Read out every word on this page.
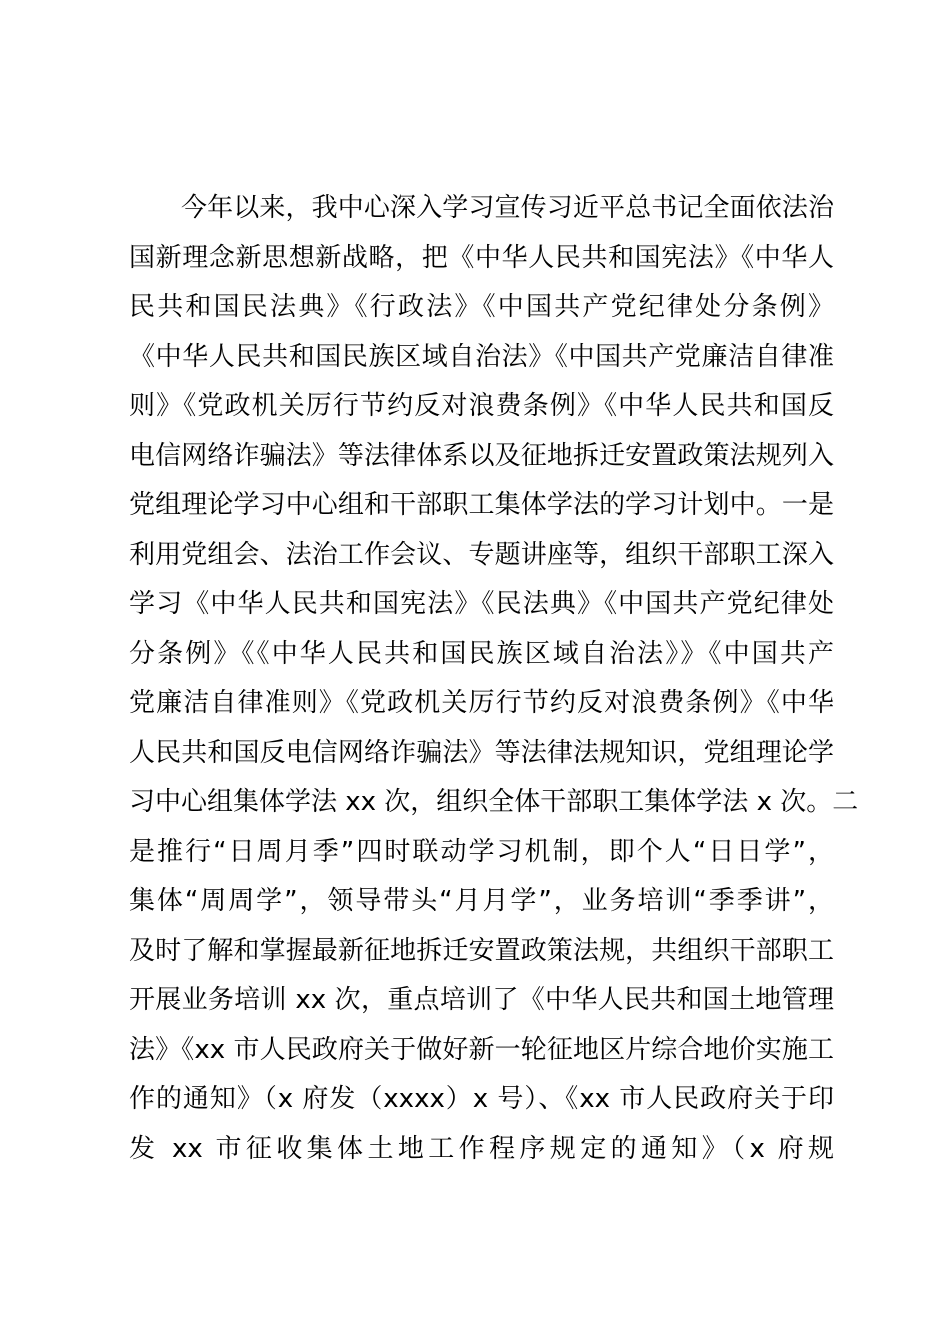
今年以来，我中心深入学习宣传习近平总书记全面依法治
国新理念新思想新战略，把《中华人民共和国宪法》《中华人
民共和国民法典》《行政法》《中国共产党纪律处分条例》
《中华人民共和国民族区域自治法》《中国共产党廉洁自律准
则》《党政机关厉行节约反对浪费条例》《中华人民共和国反
电信网络诈骗法》等法律体系以及征地拆迁安置政策法规列入
党组理论学习中心组和干部职工集体学法的学习计划中。一是
利用党组会、法治工作会议、专题讲座等，组织干部职工深入
学习《中华人民共和国宪法》《民法典》《中国共产党纪律处
分条例》《《中华人民共和国民族区域自治法》》《中国共产
党廉洁自律准则》《党政机关厉行节约反对浪费条例》《中华
人民共和国反电信网络诈骗法》等法律法规知识，党组理论学
习中心组集体学法 xx 次，组织全体干部职工集体学法 x 次。二
是推行“日周月季”四时联动学习机制，即个人“日日学”，
集体“周周学”，领导带头“月月学”，业务培训“季季讲”，
及时了解和掌握最新征地拆迁安置政策法规，共组织干部职工
开展业务培训 xx 次，重点培训了《中华人民共和国土地管理
法》《xx 市人民政府关于做好新一轮征地区片综合地价实施工
作的通知》（x 府发（xxxx）x 号）、《xx 市人民政府关于印
发 xx 市征收集体土地工作程序规定的通知》（x 府规
